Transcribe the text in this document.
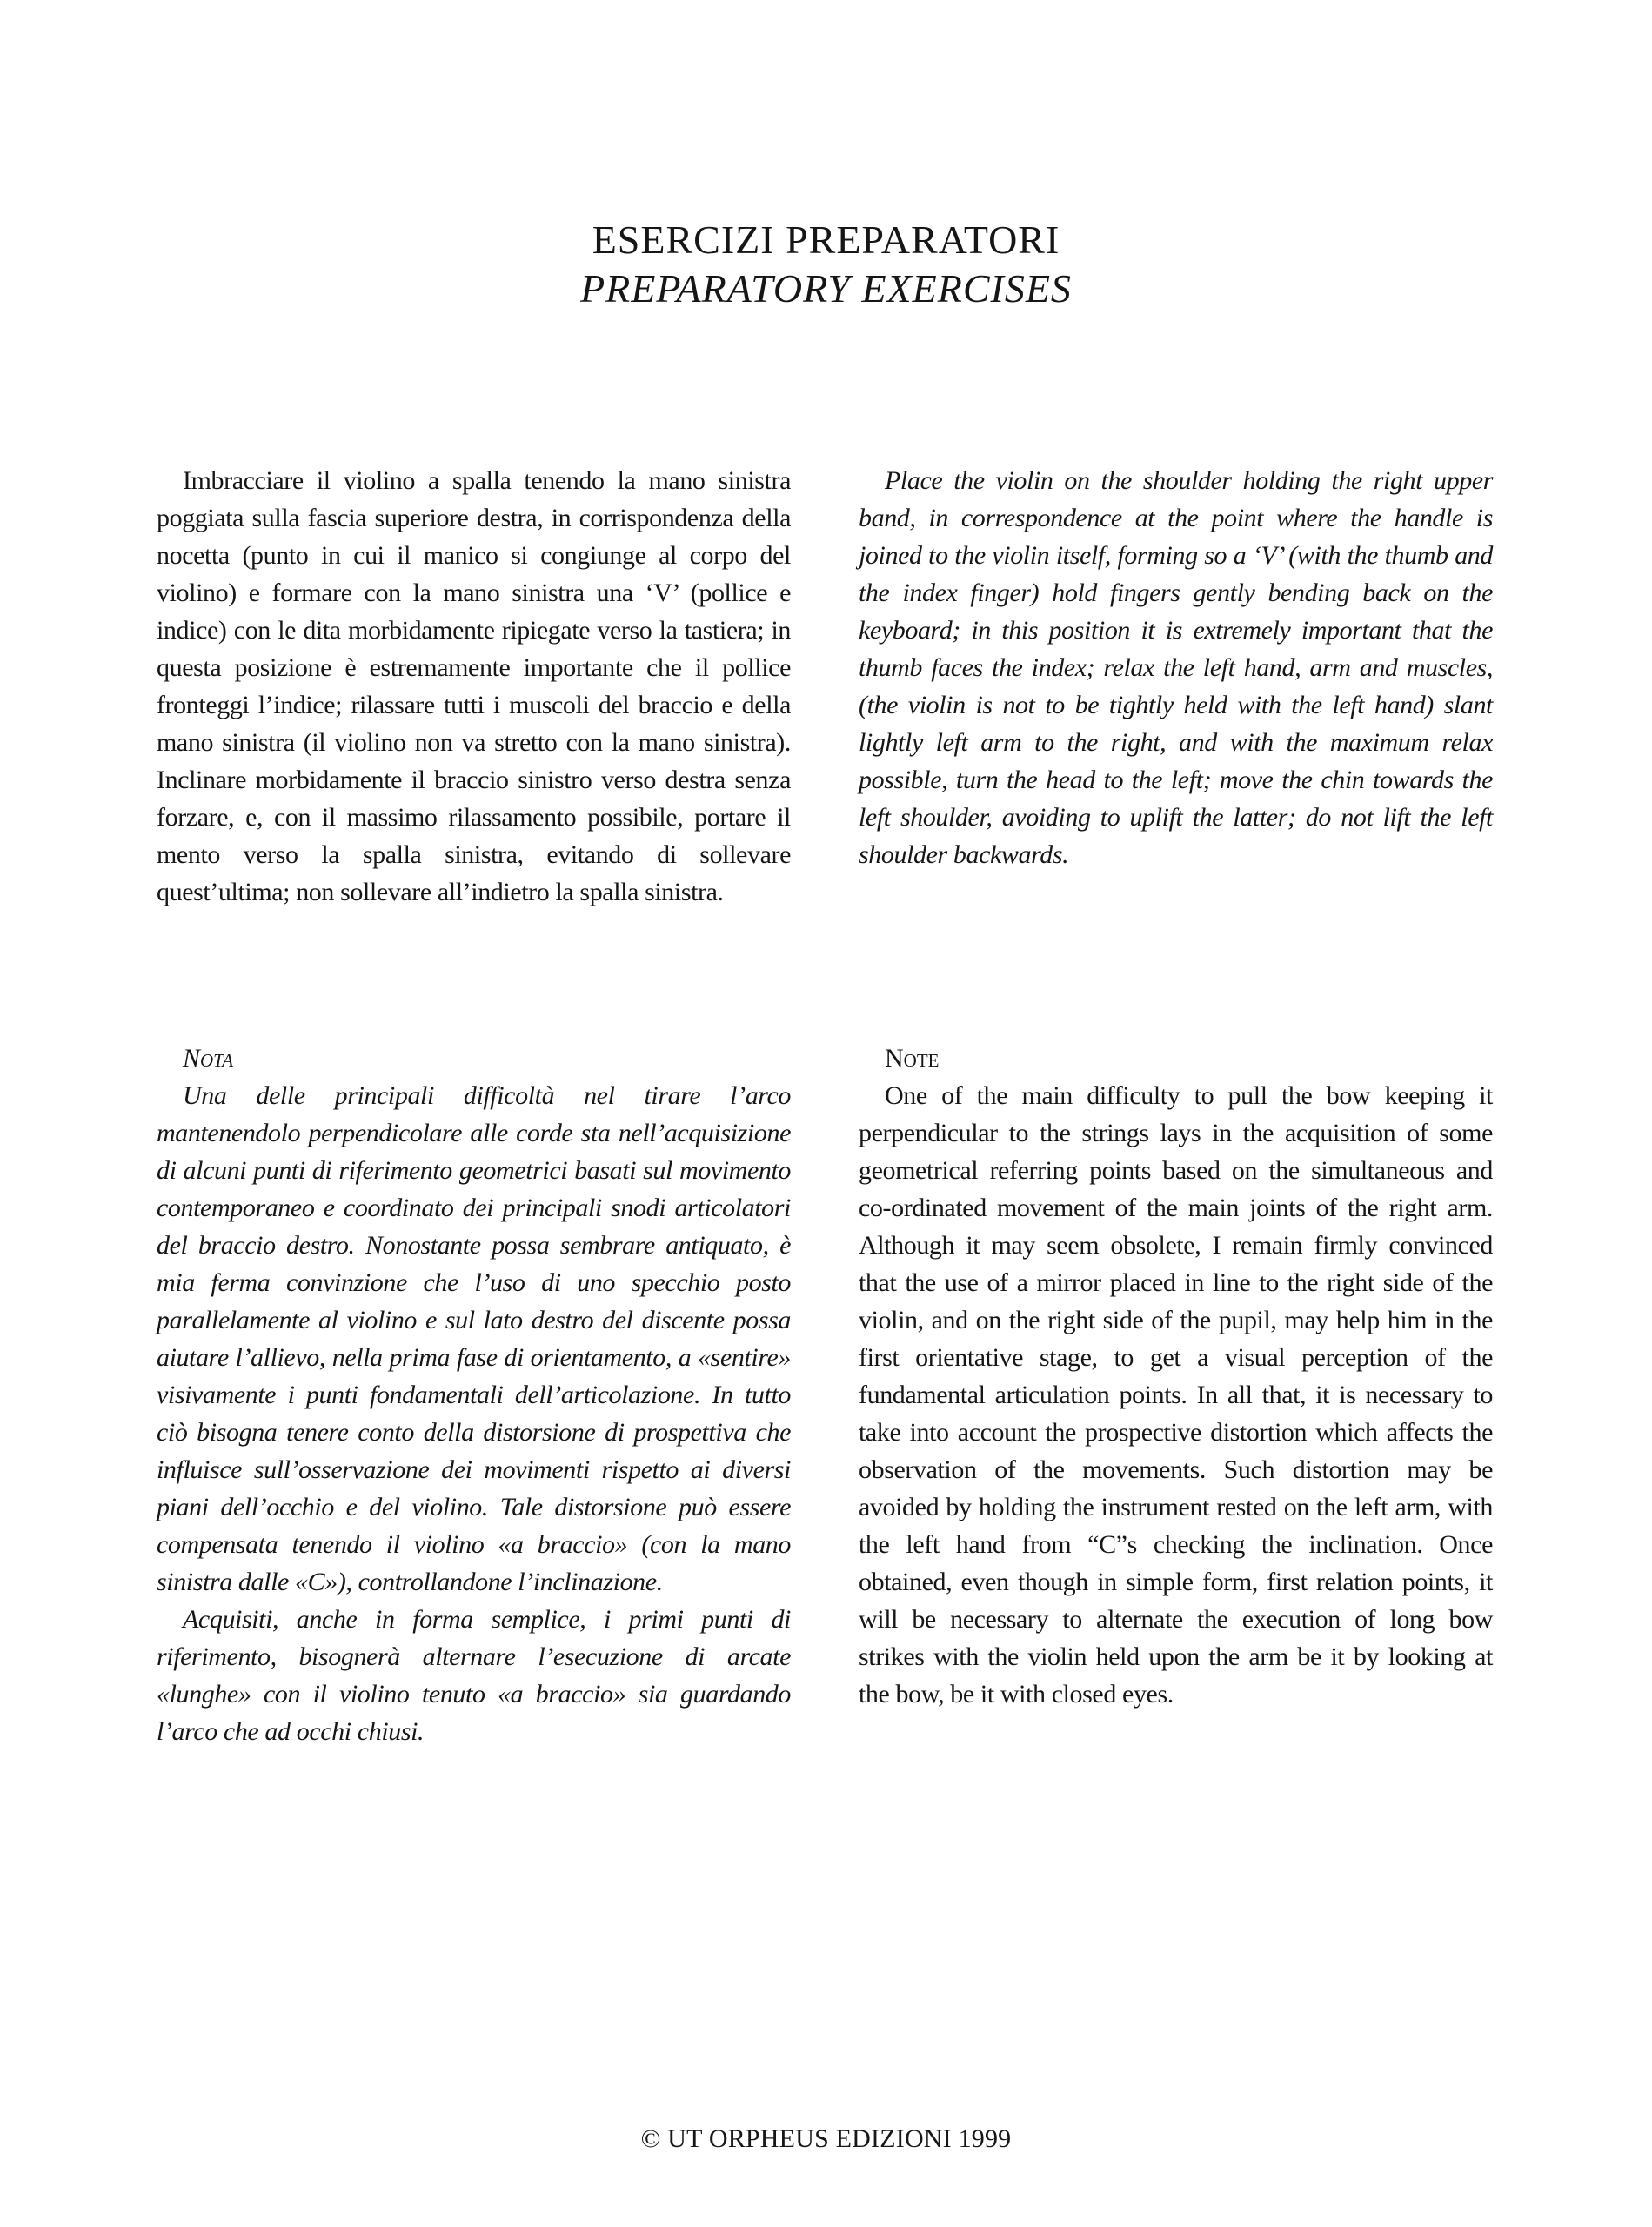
ESERCIZI PREPARATORI
PREPARATORY EXERCISES

Imbracciare il violino a spalla tenendo la mano sinistra poggiata sulla fascia superiore destra, in corrispondenza della nocetta (punto in cui il manico si congiunge al corpo del violino) e formare con la mano sinistra una ‘V’ (pollice e indice) con le dita morbidamente ripiegate verso la tastiera; in questa posizione è estremamente importante che il pollice fronteggi l’indice; rilassare tutti i muscoli del braccio e della mano sinistra (il violino non va stretto con la mano sinistra). Inclinare morbidamente il braccio sinistro verso destra senza forzare, e, con il massimo rilassamento possibile, portare il mento verso la spalla sinistra, evitando di sollevare quest’ultima; non sollevare all’indietro la spalla sinistra.

Nota

Una delle principali difficoltà nel tirare l’arco mantenendolo perpendicolare alle corde sta nell’acquisizione di alcuni punti di riferimento geometrici basati sul movimento contemporaneo e coordinato dei principali snodi articolatori del braccio destro. Nonostante possa sembrare antiquato, è mia ferma convinzione che l’uso di uno specchio posto parallelamente al violino e sul lato destro del discente possa aiutare l’allievo, nella prima fase di orientamento, a «sentire» visivamente i punti fondamentali dell’articolazione. In tutto ciò bisogna tenere conto della distorsione di prospettiva che influisce sull’osservazione dei movimenti rispetto ai diversi piani dell’occhio e del violino. Tale distorsione può essere compensata tenendo il violino «a braccio» (con la mano sinistra dalle «C»), controllandone l’inclinazione.

Acquisiti, anche in forma semplice, i primi punti di riferimento, bisognerà alternare l’esecuzione di arcate «lunghe» con il violino tenuto «a braccio» sia guardando l’arco che ad occhi chiusi.

Place the violin on the shoulder holding the right upper band, in correspondence at the point where the handle is joined to the violin itself, forming so a ‘V’ (with the thumb and the index finger) hold fingers gently bending back on the keyboard; in this position it is extremely important that the thumb faces the index; relax the left hand, arm and muscles, (the violin is not to be tightly held with the left hand) slant lightly left arm to the right, and with the maximum relax possible, turn the head to the left; move the chin towards the left shoulder, avoiding to uplift the latter; do not lift the left shoulder backwards.

Note

One of the main difficulty to pull the bow keeping it perpendicular to the strings lays in the acquisition of some geometrical referring points based on the simultaneous and co-ordinated movement of the main joints of the right arm. Although it may seem obsolete, I remain firmly convinced that the use of a mirror placed in line to the right side of the violin, and on the right side of the pupil, may help him in the first orientative stage, to get a visual perception of the fundamental articulation points. In all that, it is necessary to take into account the prospective distortion which affects the observation of the movements. Such distortion may be avoided by holding the instrument rested on the left arm, with the left hand from “C”s checking the inclination. Once obtained, even though in simple form, first relation points, it will be necessary to alternate the execution of long bow strikes with the violin held upon the arm be it by looking at the bow, be it with closed eyes.

© UT ORPHEUS EDIZIONI 1999
